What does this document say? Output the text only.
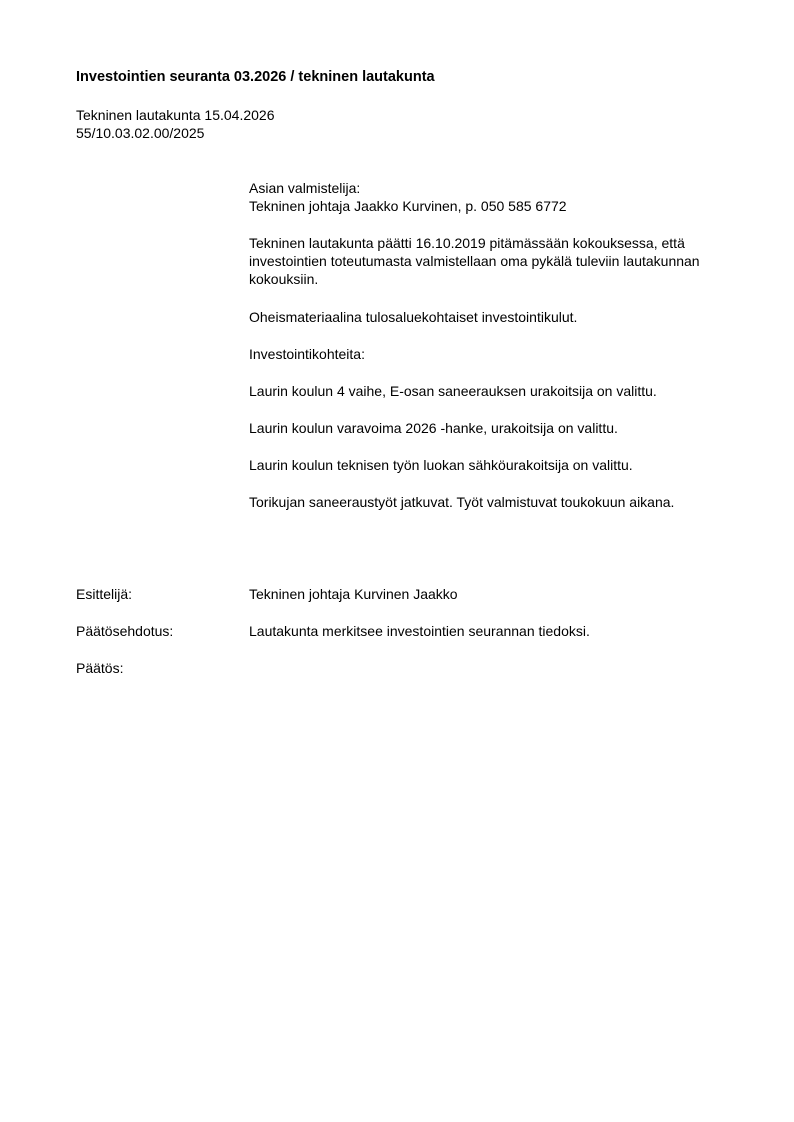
Investointien seuranta 03.2026 / tekninen lautakunta
Tekninen lautakunta 15.04.2026
55/10.03.02.00/2025

Asian valmistelija:

Tekninen johtaja Jaakko Kurvinen, p. 050 585 6772

Tekninen lautakunta päätti 16.10.2019 pitämässään kokouksessa, että investointien toteutumasta valmistellaan oma pykälä tuleviin lautakunnan kokouksiin.

Oheismateriaalina tulosaluekohtaiset investointikulut.

Investointikohteita:

Laurin koulun 4 vaihe, E-osan saneerauksen urakoitsija on valittu.

Laurin koulun varavoima 2026 -hanke, urakoitsija on valittu.

Laurin koulun teknisen työn luokan sähköurakoitsija on valittu.

Torikujan saneeraustyöt jatkuvat. Työt valmistuvat toukokuun aikana.

Esittelijä:	Tekninen johtaja Kurvinen Jaakko
Päätösehdotus:	Lautakunta merkitsee investointien seurannan tiedoksi.
Päätös:
